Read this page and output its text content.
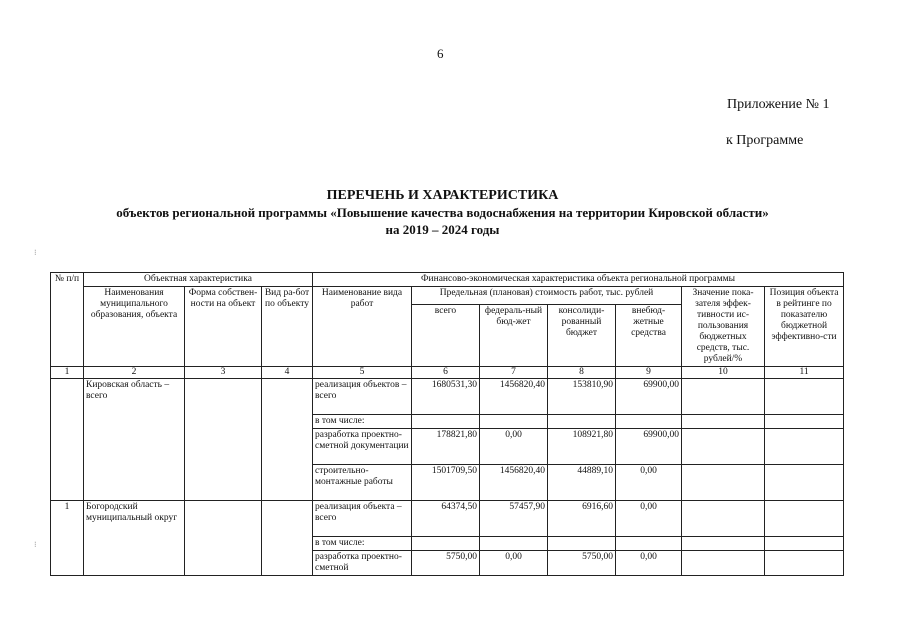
6
Приложение № 1
к Программе
ПЕРЕЧЕНЬ И ХАРАКТЕРИСТИКА
объектов региональной программы «Повышение качества водоснабжения на территории Кировской области»
на 2019 – 2024 годы
⁝
⁝
№ п/п	Объектная характеристика			Финансово-экономическая характеристика объекта региональной программы						
	Наименования муниципального образования, объекта	Форма собствен-ности на объект	Вид ра-бот по объекту	Наименование вида работ	Предельная (плановая) стоимость работ, тыс. рублей				Значение пока-зателя эффек-тивности ис-пользования бюджетных средств, тыс. рублей/%	Позиция объекта в рейтинге по показателю бюджетной эффективно-сти
					всего	федераль-ный бюд-жет	консолиди-рованный бюджет	внебюд-жетные средства		
1	2	3	4	5	6	7	8	9	10	11
	Кировская область – всего			реализация объектов – всего	1680531,30	1456820,40	153810,90	69900,00		
				в том числе:						
				разработка проектно-сметной документации	178821,80	0,00	108921,80	69900,00		
				строительно-монтажные работы	1501709,50	1456820,40	44889,10	0,00		
1	Богородский муниципальный округ			реализация объекта – всего	64374,50	57457,90	6916,60	0,00		
				в том числе:						
				разработка проектно-сметной	5750,00	0,00	5750,00	0,00		
